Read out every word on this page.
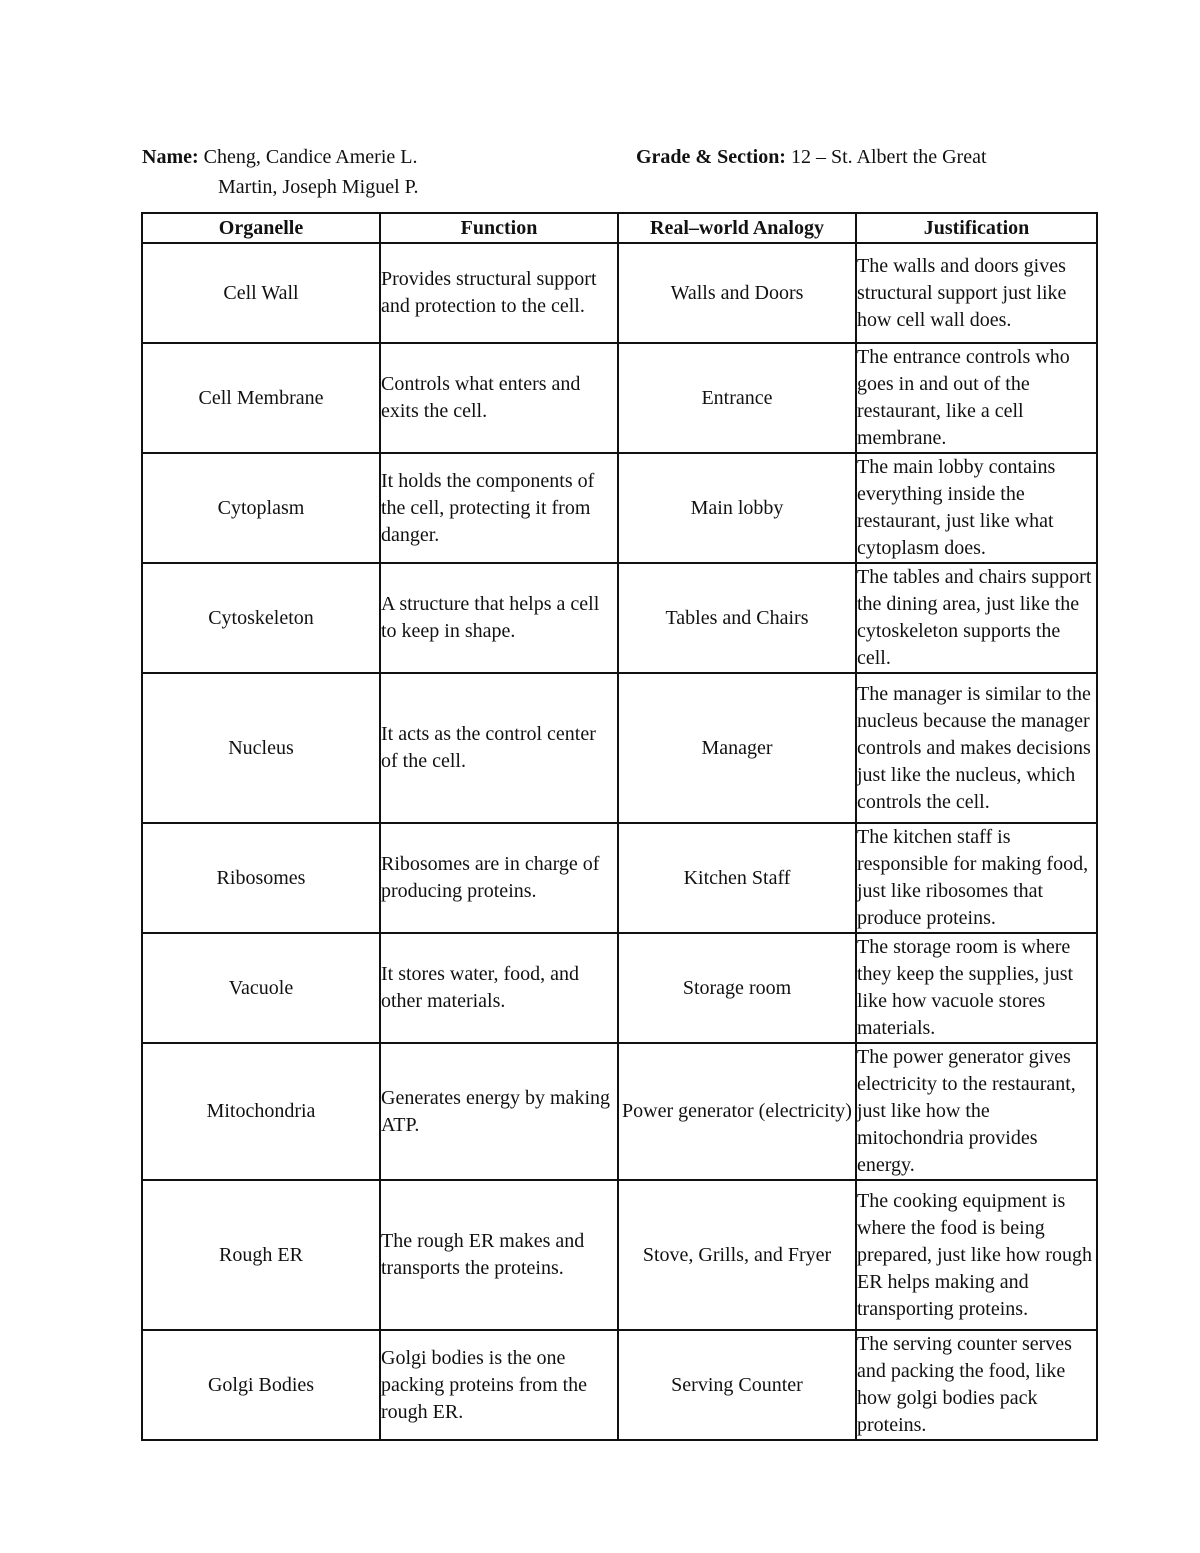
Name: Cheng, Candice Amerie L.
Martin, Joseph Miguel P.
Grade & Section: 12 – St. Albert the Great
Organelle	Function	Real–world Analogy	Justification
Cell Wall	Provides structural support and protection to the cell.	Walls and Doors	The walls and doors gives structural support just like how cell wall does.
Cell Membrane	Controls what enters and exits the cell.	Entrance	The entrance controls who goes in and out of the restaurant, like a cell membrane.
Cytoplasm	It holds the components of the cell, protecting it from danger.	Main lobby	The main lobby contains everything inside the restaurant, just like what cytoplasm does.
Cytoskeleton	A structure that helps a cell to keep in shape.	Tables and Chairs	The tables and chairs support the dining area, just like the cytoskeleton supports the cell.
Nucleus	It acts as the control center of the cell.	Manager	The manager is similar to the nucleus because the manager controls and makes decisions just like the nucleus, which controls the cell.
Ribosomes	Ribosomes are in charge of producing proteins.	Kitchen Staff	The kitchen staff is responsible for making food, just like ribosomes that produce proteins.
Vacuole	It stores water, food, and other materials.	Storage room	The storage room is where they keep the supplies, just like how vacuole stores materials.
Mitochondria	Generates energy by making ATP.	Power generator (electricity)	The power generator gives electricity to the restaurant, just like how the mitochondria provides energy.
Rough ER	The rough ER makes and transports the proteins.	Stove, Grills, and Fryer	The cooking equipment is where the food is being prepared, just like how rough ER helps making and transporting proteins.
Golgi Bodies	Golgi bodies is the one packing proteins from the rough ER.	Serving Counter	The serving counter serves and packing the food, like how golgi bodies pack proteins.
